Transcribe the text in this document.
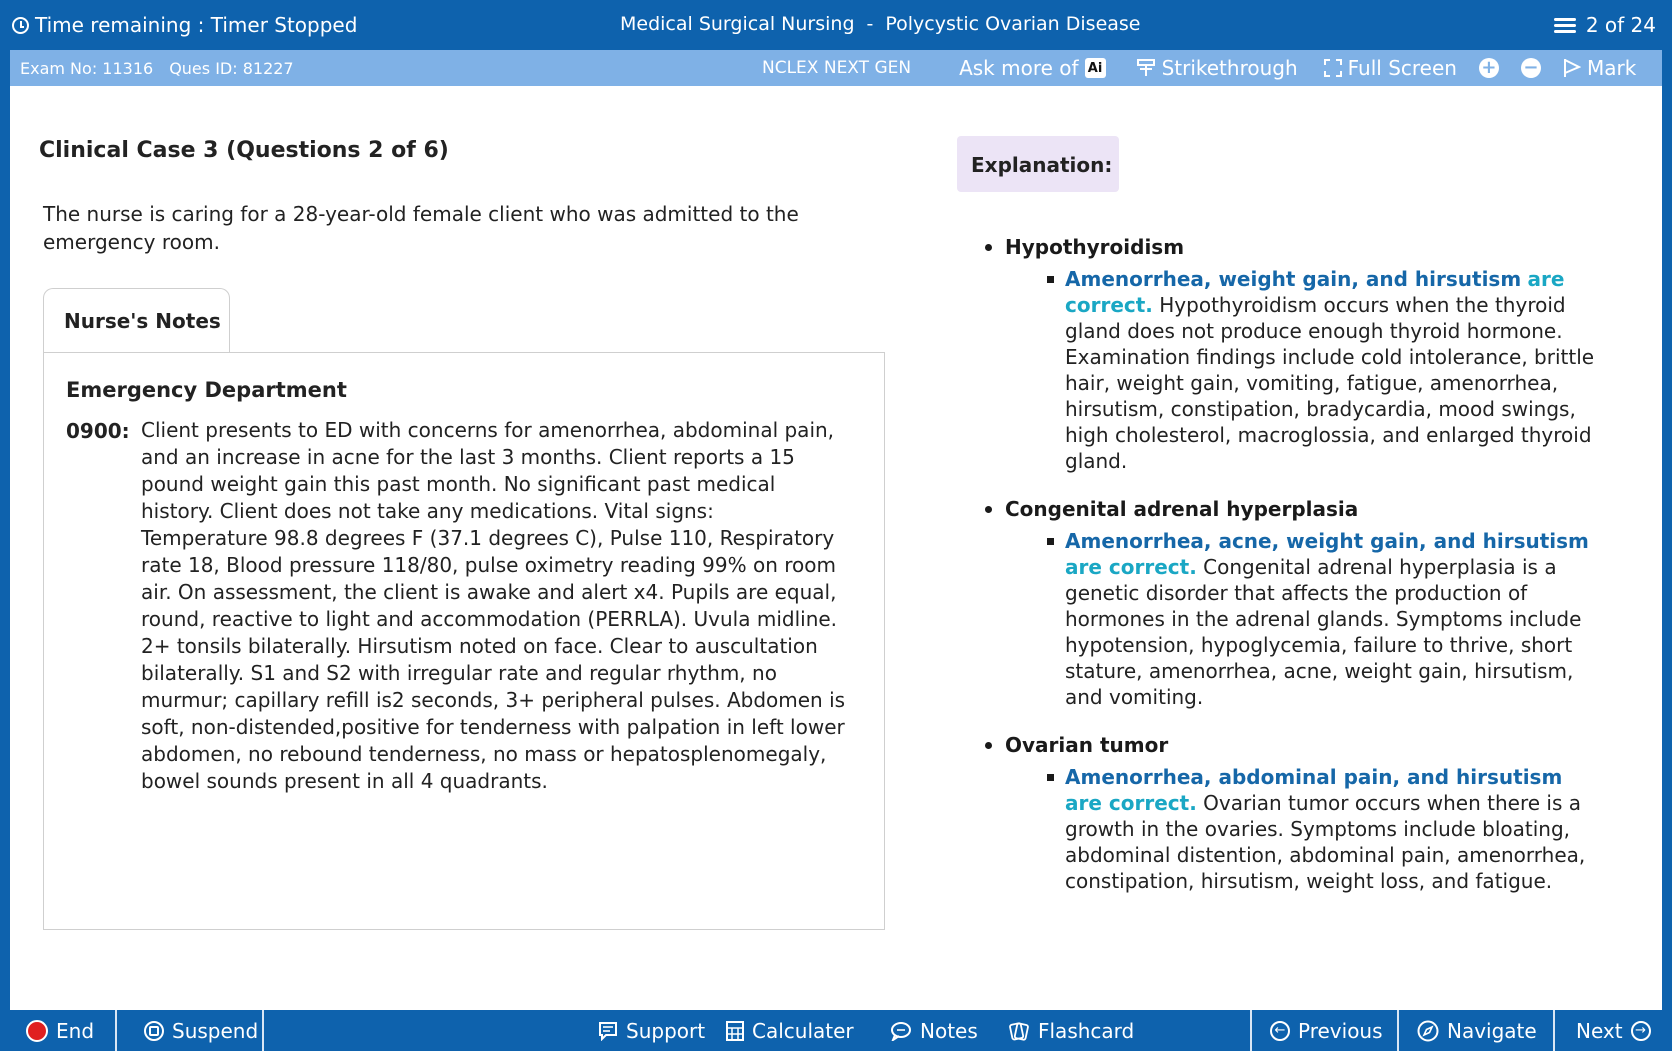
Time remaining : Timer Stopped	Medical Surgical Nursing - Polycystic Ovarian Disease	2 of 24
Exam No: 11316 Ques ID: 81227	NCLEX NEXT GEN Ask more of Ai	Strikethrough	Full Screen + − Mark
Clinical Case 3 (Questions 2 of 6)
The nurse is caring for a 28-year-old female client who was admitted to the emergency room.
Nurse's Notes
Emergency Department
0900: Client presents to ED with concerns for amenorrhea, abdominal pain, and an increase in acne for the last 3 months. Client reports a 15 pound weight gain this past month. No significant past medical history. Client does not take any medications. Vital signs: Temperature 98.8 degrees F (37.1 degrees C), Pulse 110, Respiratory rate 18, Blood pressure 118/80, pulse oximetry reading 99% on room air. On assessment, the client is awake and alert x4. Pupils are equal, round, reactive to light and accommodation (PERRLA). Uvula midline. 2+ tonsils bilaterally. Hirsutism noted on face. Clear to auscultation bilaterally. S1 and S2 with irregular rate and regular rhythm, no murmur; capillary refill is2 seconds, 3+ peripheral pulses. Abdomen is soft, non-distended,positive for tenderness with palpation in left lower abdomen, no rebound tenderness, no mass or hepatosplenomegaly, bowel sounds present in all 4 quadrants.
Explanation:
Hypothyroidism
Amenorrhea, weight gain, and hirsutism are correct. Hypothyroidism occurs when the thyroid gland does not produce enough thyroid hormone. Examination findings include cold intolerance, brittle hair, weight gain, vomiting, fatigue, amenorrhea, hirsutism, constipation, bradycardia, mood swings, high cholesterol, macroglossia, and enlarged thyroid gland.
Congenital adrenal hyperplasia
Amenorrhea, acne, weight gain, and hirsutism are correct. Congenital adrenal hyperplasia is a genetic disorder that affects the production of hormones in the adrenal glands. Symptoms include hypotension, hypoglycemia, failure to thrive, short stature, amenorrhea, acne, weight gain, hirsutism, and vomiting.
Ovarian tumor
Amenorrhea, abdominal pain, and hirsutism are correct. Ovarian tumor occurs when there is a growth in the ovaries. Symptoms include bloating, abdominal distention, abdominal pain, amenorrhea, constipation, hirsutism, weight loss, and fatigue.
End	Suspend	Support Calculater	Notes	Flashcard	← Previous	Navigate Next →
